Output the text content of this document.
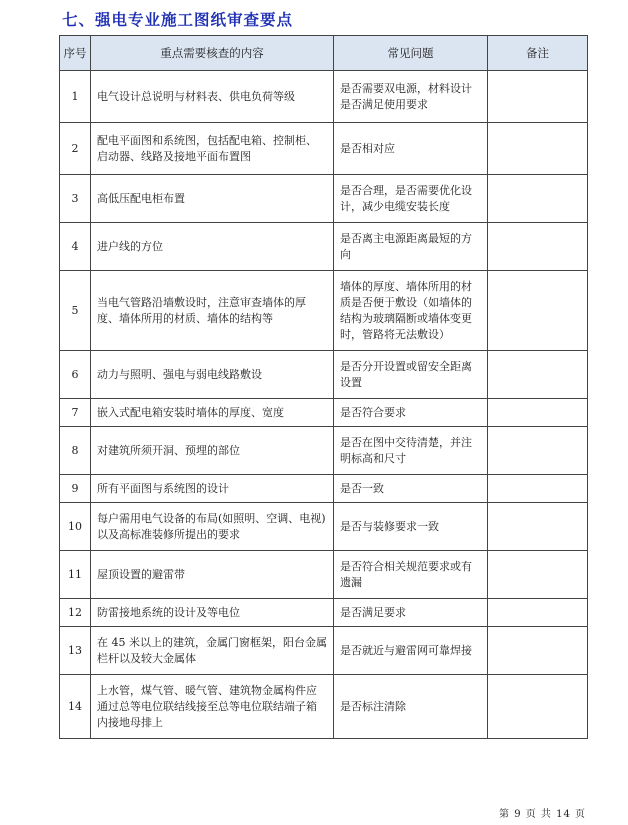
七、强电专业施工图纸审查要点
序号	重点需要核查的内容	常见问题	备注
1	电气设计总说明与材料表、供电负荷等级	是否需要双电源，材料设计是否满足使用要求	
2	配电平面图和系统图，包括配电箱、控制柜、启动器、线路及接地平面布置图	是否相对应	
3	高低压配电柜布置	是否合理，是否需要优化设计，减少电缆安装长度	
4	进户线的方位	是否离主电源距离最短的方向	
5	当电气管路沿墙敷设时，注意审查墙体的厚度、墙体所用的材质、墙体的结构等	墙体的厚度、墙体所用的材质是否便于敷设（如墙体的结构为玻璃隔断或墙体变更时，管路将无法敷设）	
6	动力与照明、强电与弱电线路敷设	是否分开设置或留安全距离设置	
7	嵌入式配电箱安装时墙体的厚度、宽度	是否符合要求	
8	对建筑所须开洞、预埋的部位	是否在图中交待清楚，并注明标高和尺寸	
9	所有平面图与系统图的设计	是否一致	
10	每户需用电气设备的布局(如照明、空调、电视)以及高标准装修所提出的要求	是否与装修要求一致	
11	屋顶设置的避雷带	是否符合相关规范要求或有遗漏	
12	防雷接地系统的设计及等电位	是否满足要求	
13	在 45 米以上的建筑，金属门窗框架，阳台金属栏杆以及较大金属体	是否就近与避雷网可靠焊接	
14	上水管，煤气管、暖气管、建筑物金属构件应通过总等电位联结线接至总等电位联结端子箱内接地母排上	是否标注清除	
第 9 页 共 14 页
